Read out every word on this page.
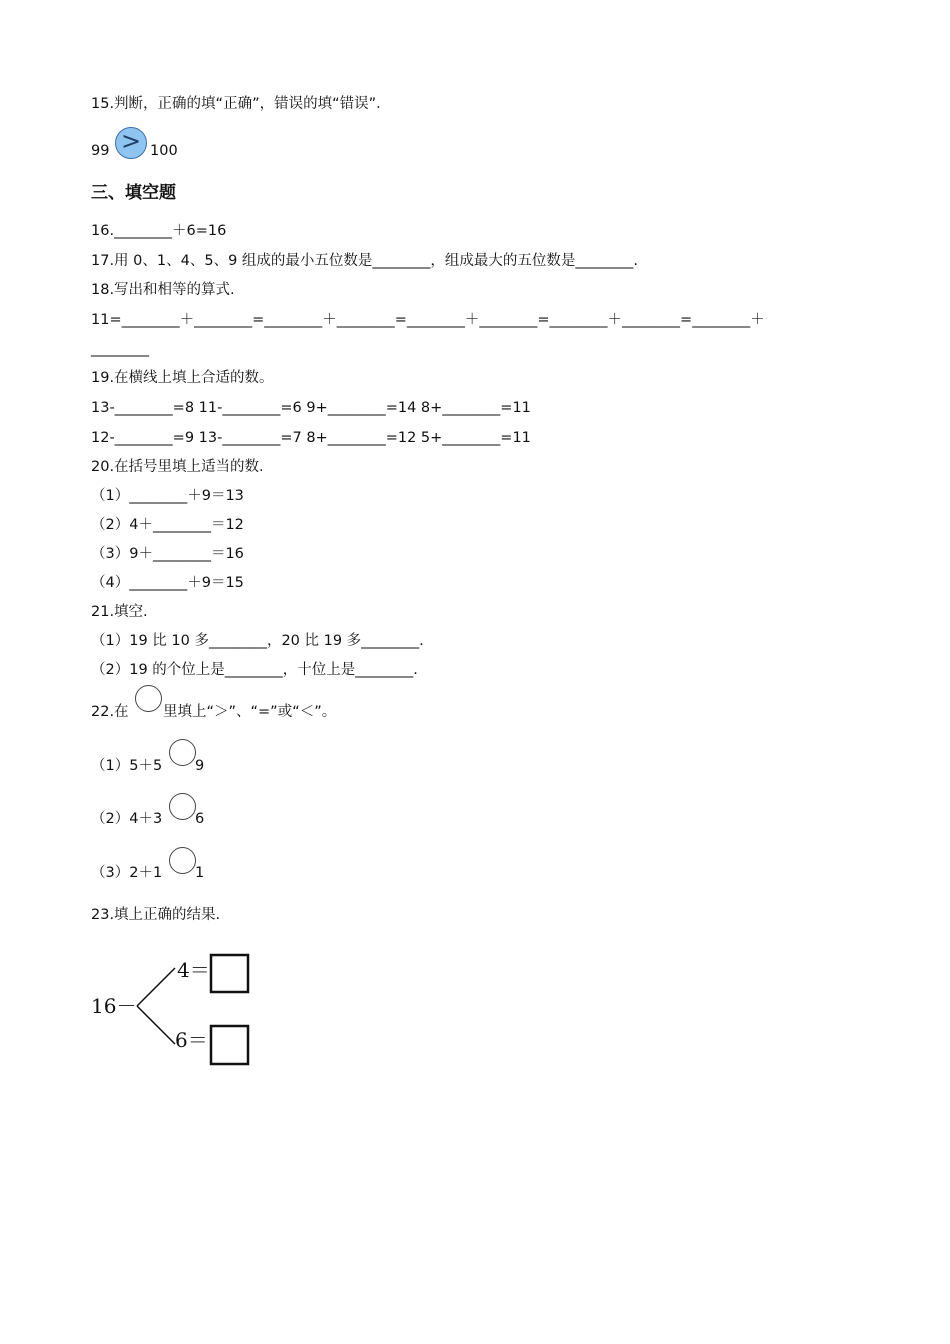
15.判断，正确的填“正确”，错误的填“错误”．
99 > 100
三、填空题
16.________＋6=16
17.用 0、1、4、5、9 组成的最小五位数是________，组成最大的五位数是________.
18.写出和相等的算式.
11=________＋________=________＋________=________＋________=________＋________=________＋
________
19.在横线上填上合适的数。
13-________=8 11-________=6 9+________=14 8+________=11
12-________=9 13-________=7 8+________=12 5+________=11
20.在括号里填上适当的数.
（1）________＋9＝13
（2）4＋________＝12
（3）9＋________＝16
（4）________＋9＝15
21.填空.
（1）19 比 10 多________，20 比 19 多________.
（2）19 的个位上是________，十位上是________.
22.在 里填上“＞”、“=”或“＜”。
（1）5＋5 9
（2）4＋3 6
（3）2＋1 1
23.填上正确的结果.
16－
4＝
6＝
